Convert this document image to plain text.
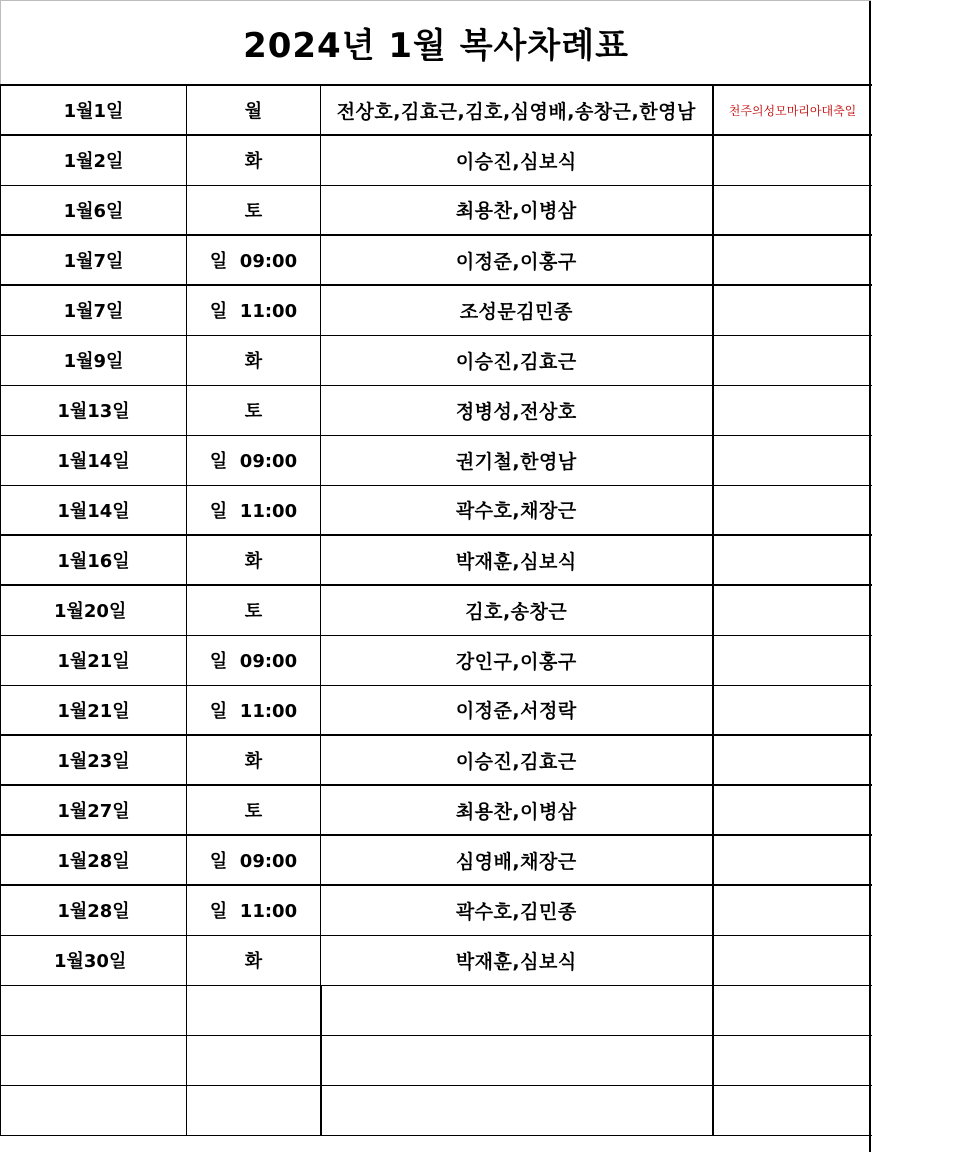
2024년 1월 복사차례표
1월1일	월	전상호,김효근,김호,심영배,송창근,한영남	천주의성모마리아대축일
1월2일	화	이승진,심보식	
1월6일	토	최용찬,이병삼	
1월7일	일  09:00	이정준,이홍구	
1월7일	일  11:00	조성문김민종	
1월9일	화	이승진,김효근	
1월13일	토	정병성,전상호	
1월14일	일  09:00	권기철,한영남	
1월14일	일  11:00	곽수호,채장근	
1월16일	화	박재훈,심보식	
1월20일	토	김호,송창근	
1월21일	일  09:00	강인구,이홍구	
1월21일	일  11:00	이정준,서정락	
1월23일	화	이승진,김효근	
1월27일	토	최용찬,이병삼	
1월28일	일  09:00	심영배,채장근	
1월28일	일  11:00	곽수호,김민종	
1월30일	화	박재훈,심보식	
